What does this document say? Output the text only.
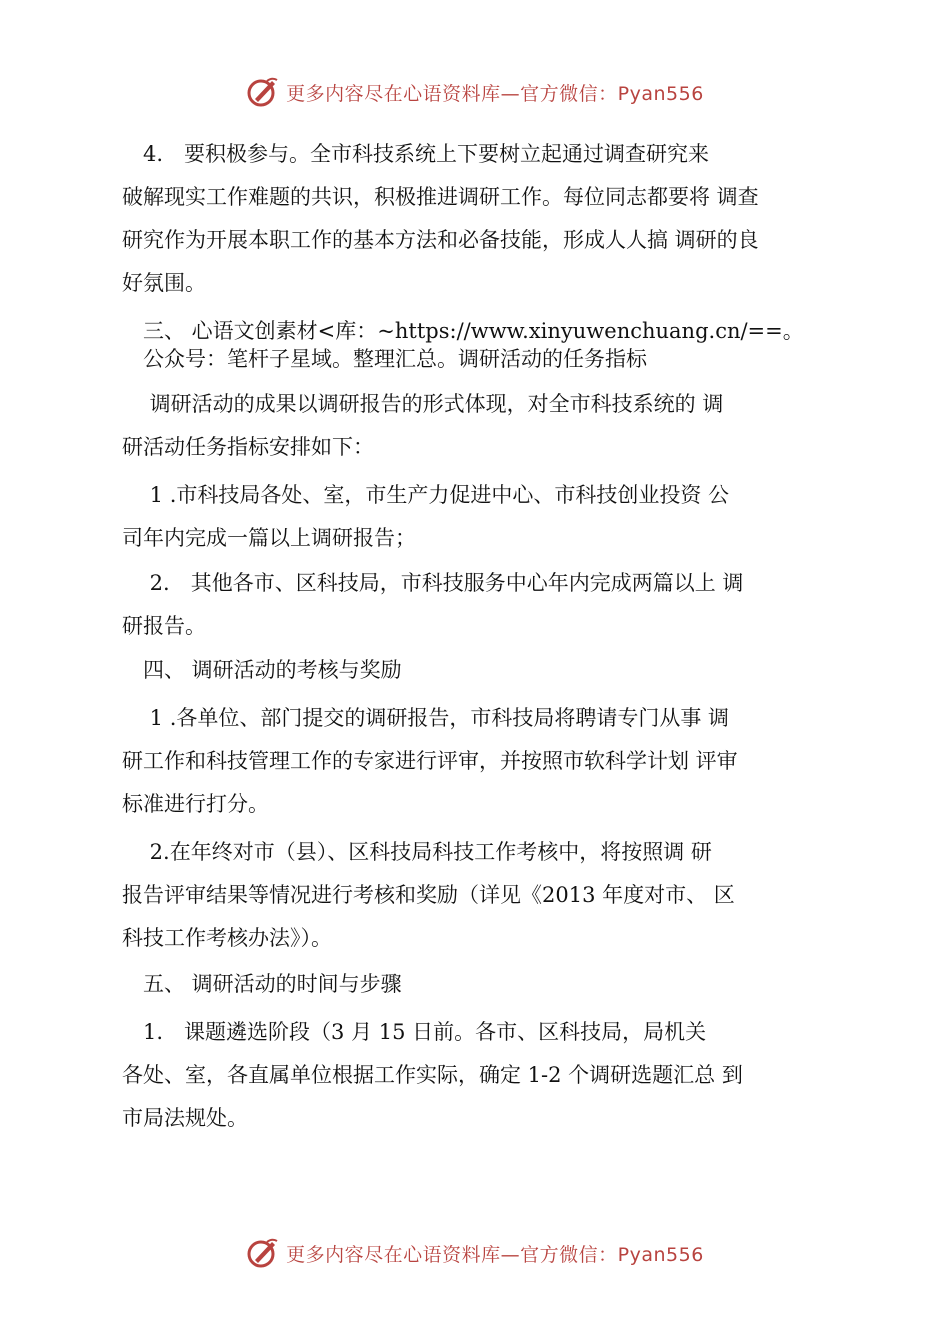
更多内容尽在心语资料库—官方微信：Pyan556
　4.　要积极参与。全市科技系统上下要树立起通过调查研究来
破解现实工作难题的共识，积极推进调研工作。每位同志都要将 调查
研究作为开展本职工作的基本方法和必备技能，形成人人搞 调研的良
好氛围。
　三、 心语文创素材<库：~https://www.xinyuwenchuang.cn/==。
　公众号：笔杆子星域。整理汇总。调研活动的任务指标
　 调研活动的成果以调研报告的形式体现，对全市科技系统的 调
研活动任务指标安排如下：
　 1 .市科技局各处、室，市生产力促进中心、市科技创业投资 公
司年内完成一篇以上调研报告；
　 2.　其他各市、区科技局，市科技服务中心年内完成两篇以上 调
研报告。
　四、 调研活动的考核与奖励
　 1 .各单位、部门提交的调研报告，市科技局将聘请专门从事 调
研工作和科技管理工作的专家进行评审，并按照市软科学计划 评审
标准进行打分。
　 2.在年终对市（县）、区科技局科技工作考核中，将按照调 研
报告评审结果等情况进行考核和奖励（详见《2013 年度对市、 区
科技工作考核办法》）。
　五、 调研活动的时间与步骤
　1.　课题遴选阶段（3 月 15 日前。各市、区科技局，局机关
各处、室，各直属单位根据工作实际，确定 1-2 个调研选题汇总 到
市局法规处。
更多内容尽在心语资料库—官方微信：Pyan556
